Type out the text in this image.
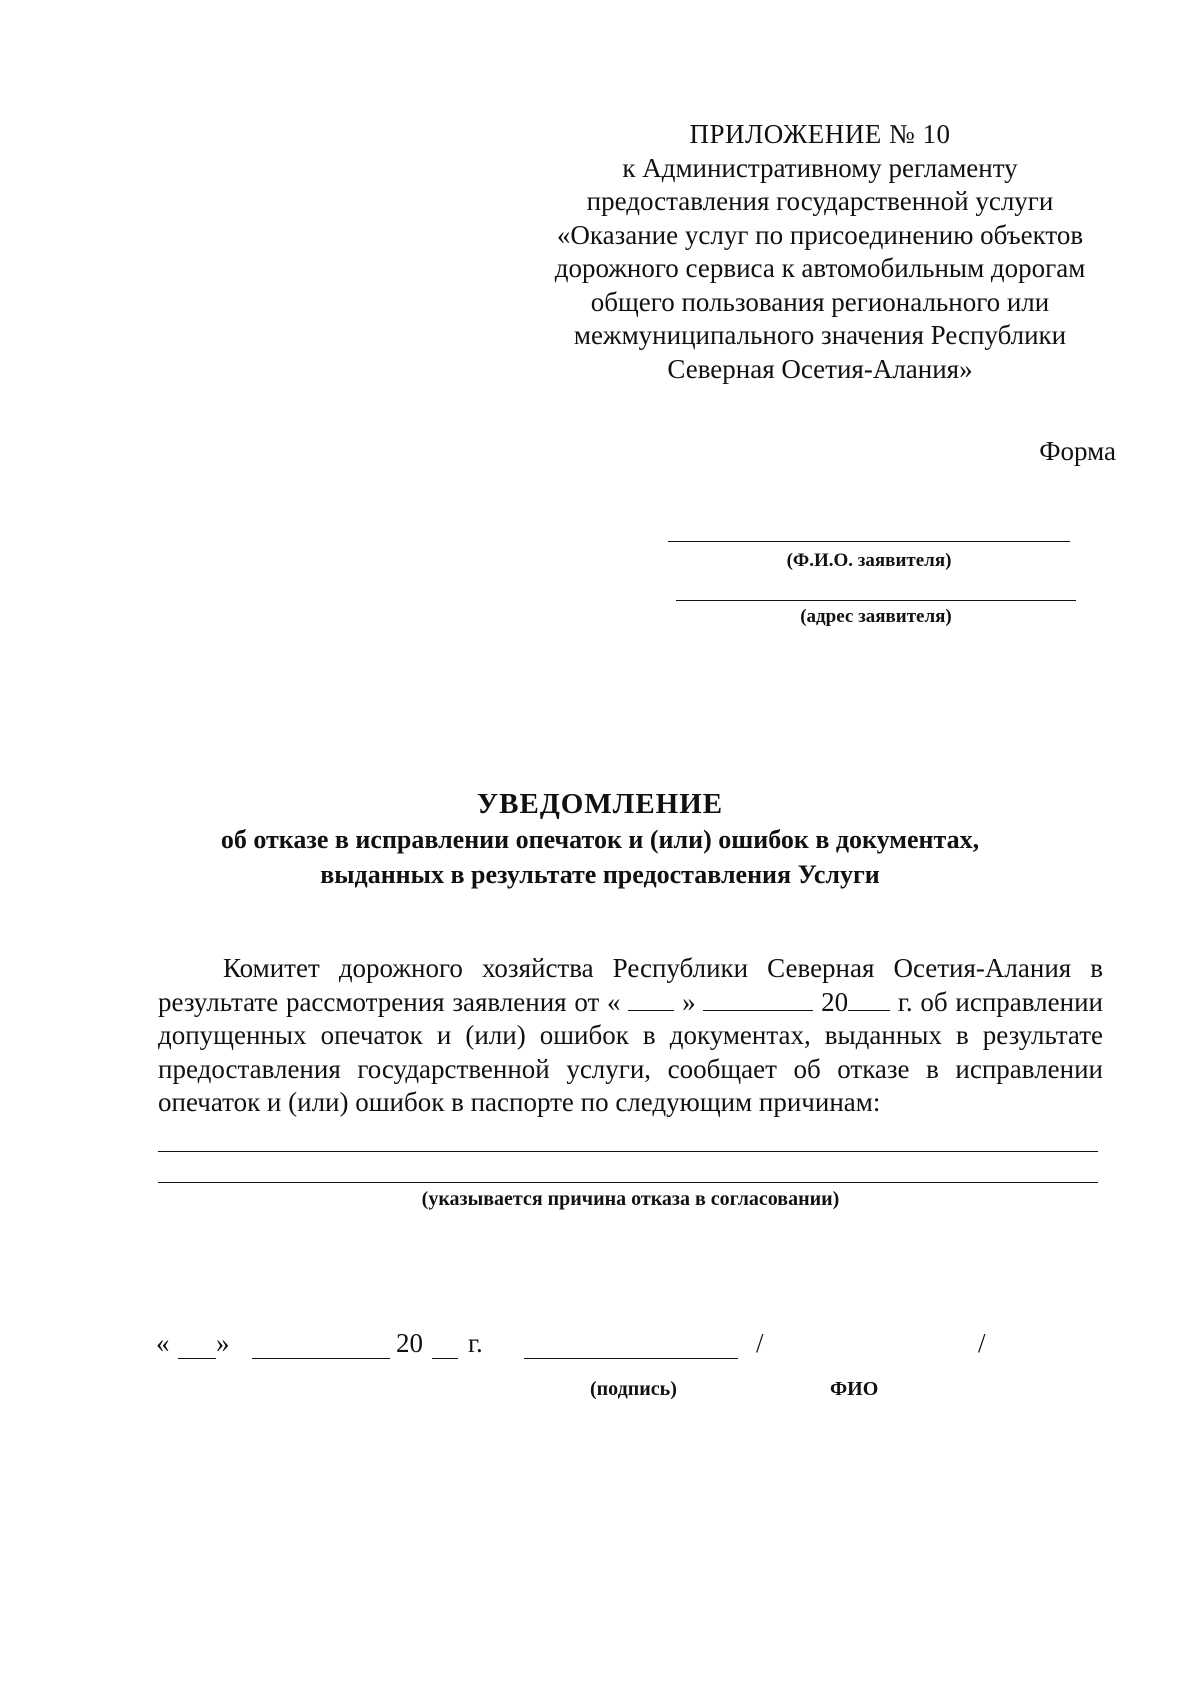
ПРИЛОЖЕНИЕ № 10
к Административному регламенту
предоставления государственной услуги
«Оказание услуг по присоединению объектов
дорожного сервиса к автомобильным дорогам
общего пользования регионального или
межмуниципального значения Республики
Северная Осетия-Алания»
Форма
(Ф.И.О. заявителя)
(адрес заявителя)
УВЕДОМЛЕНИЕ
об отказе в исправлении опечаток и (или) ошибок в документах,
выданных в результате предоставления Услуги
Комитет дорожного хозяйства Республики Северная Осетия-Алания в результате рассмотрения заявления от « »	20 г. об исправлении допущенных опечаток и (или) ошибок в документах, выданных в результате предоставления государственной услуги, сообщает об отказе в исправлении опечаток и (или) ошибок в паспорте по следующим причинам:
(указывается причина отказа в согласовании)
« »	20 г.	/	/
(подпись)	ФИО
